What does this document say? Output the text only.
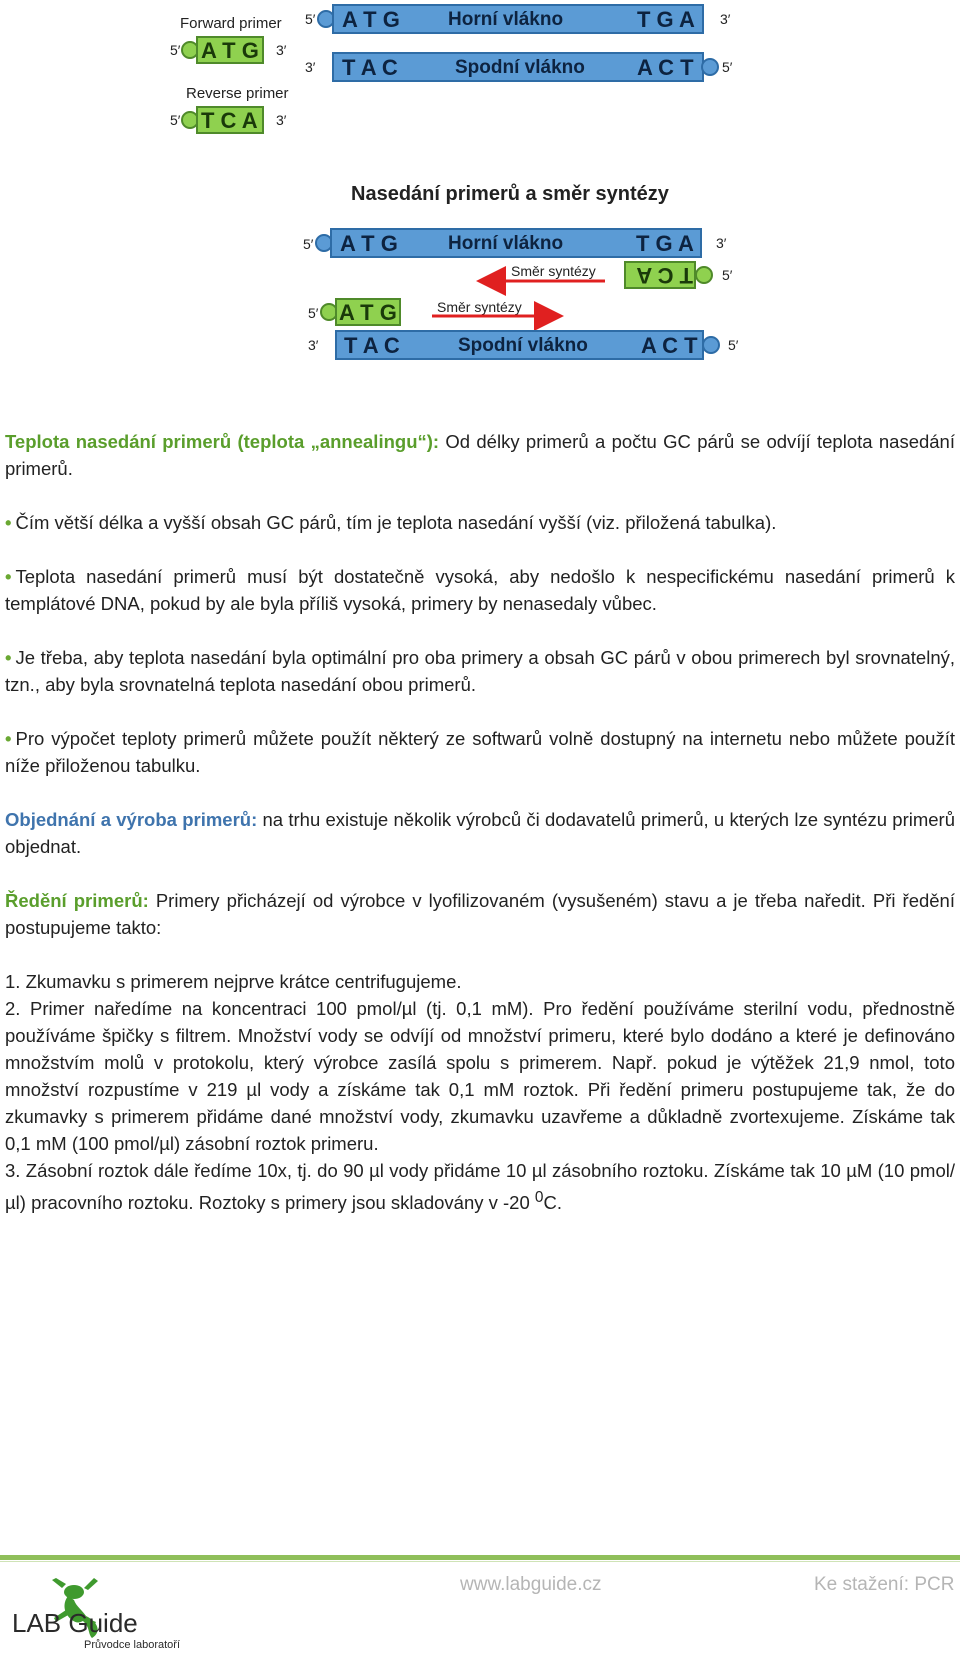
Forward primer
5′ A T G 3′
Reverse primer
5′ T C A 3′
5′ A T G	Horní vlákno	T G A 3′
3′ T A C	Spodní vlákno A C T 5′
Nasedání primerů a směr syntézy
5′ A T G	Horní vlákno	T G A 3′
T C A 5′
Směr syntézy
Směr syntézy
5′ A T G
3′ T A C	Spodní vlákno A C T 5′

Teplota nasedání primerů (teplota „annealingu“): Od délky primerů a počtu GC párů se odvíjí teplota nasedání primerů.

• Čím větší délka a vyšší obsah GC párů, tím je teplota nasedání vyšší (viz. přiložená tabulka).

• Teplota nasedání primerů musí být dostatečně vysoká, aby nedošlo k nespecifickému nasedání primerů k templátové DNA, pokud by ale byla příliš vysoká, primery by nenasedaly vůbec.

• Je třeba, aby teplota nasedání byla optimální pro oba primery a obsah GC párů v obou primerech byl srovnatelný, tzn., aby byla srovnatelná teplota nasedání obou primerů.

• Pro výpočet teploty primerů můžete použít některý ze softwarů volně dostupný na internetu nebo můžete použít níže přiloženou tabulku.

Objednání a výroba primerů: na trhu existuje několik výrobců či dodavatelů primerů, u kterých lze syntézu primerů objednat.

Ředění primerů: Primery přicházejí od výrobce v lyofilizovaném (vysušeném) stavu a je třeba naředit. Při ředění postupujeme takto:

1. Zkumavku s primerem nejprve krátce centrifugujeme.

2. Primer naředíme na koncentraci 100 pmol/µl (tj. 0,1 mM). Pro ředění používáme sterilní vodu, přednostně používáme špičky s filtrem. Množství vody se odvíjí od množství primeru, které bylo dodáno a které je definováno množstvím molů v protokolu, který výrobce zasílá spolu s primerem. Např. pokud je výtěžek 21,9 nmol, toto množství rozpustíme v 219 µl vody a získáme tak 0,1 mM roztok. Při ředění primeru postupujeme tak, že do zkumavky s primerem přidáme dané množství vody, zkumavku uzavřeme a důkladně zvortexujeme. Získáme tak 0,1 mM (100 pmol/µl) zásobní roztok primeru.

3. Zásobní roztok dále ředíme 10x, tj. do 90 µl vody přidáme 10 µl zásobního roztoku. Získáme tak 10 µM (10 pmol/µl) pracovního roztoku. Roztoky s primery jsou skladovány v -20 $^0$C.

LAB Guide
Průvodce laboratoří
www.labguide.cz	Ke stažení: PCR
